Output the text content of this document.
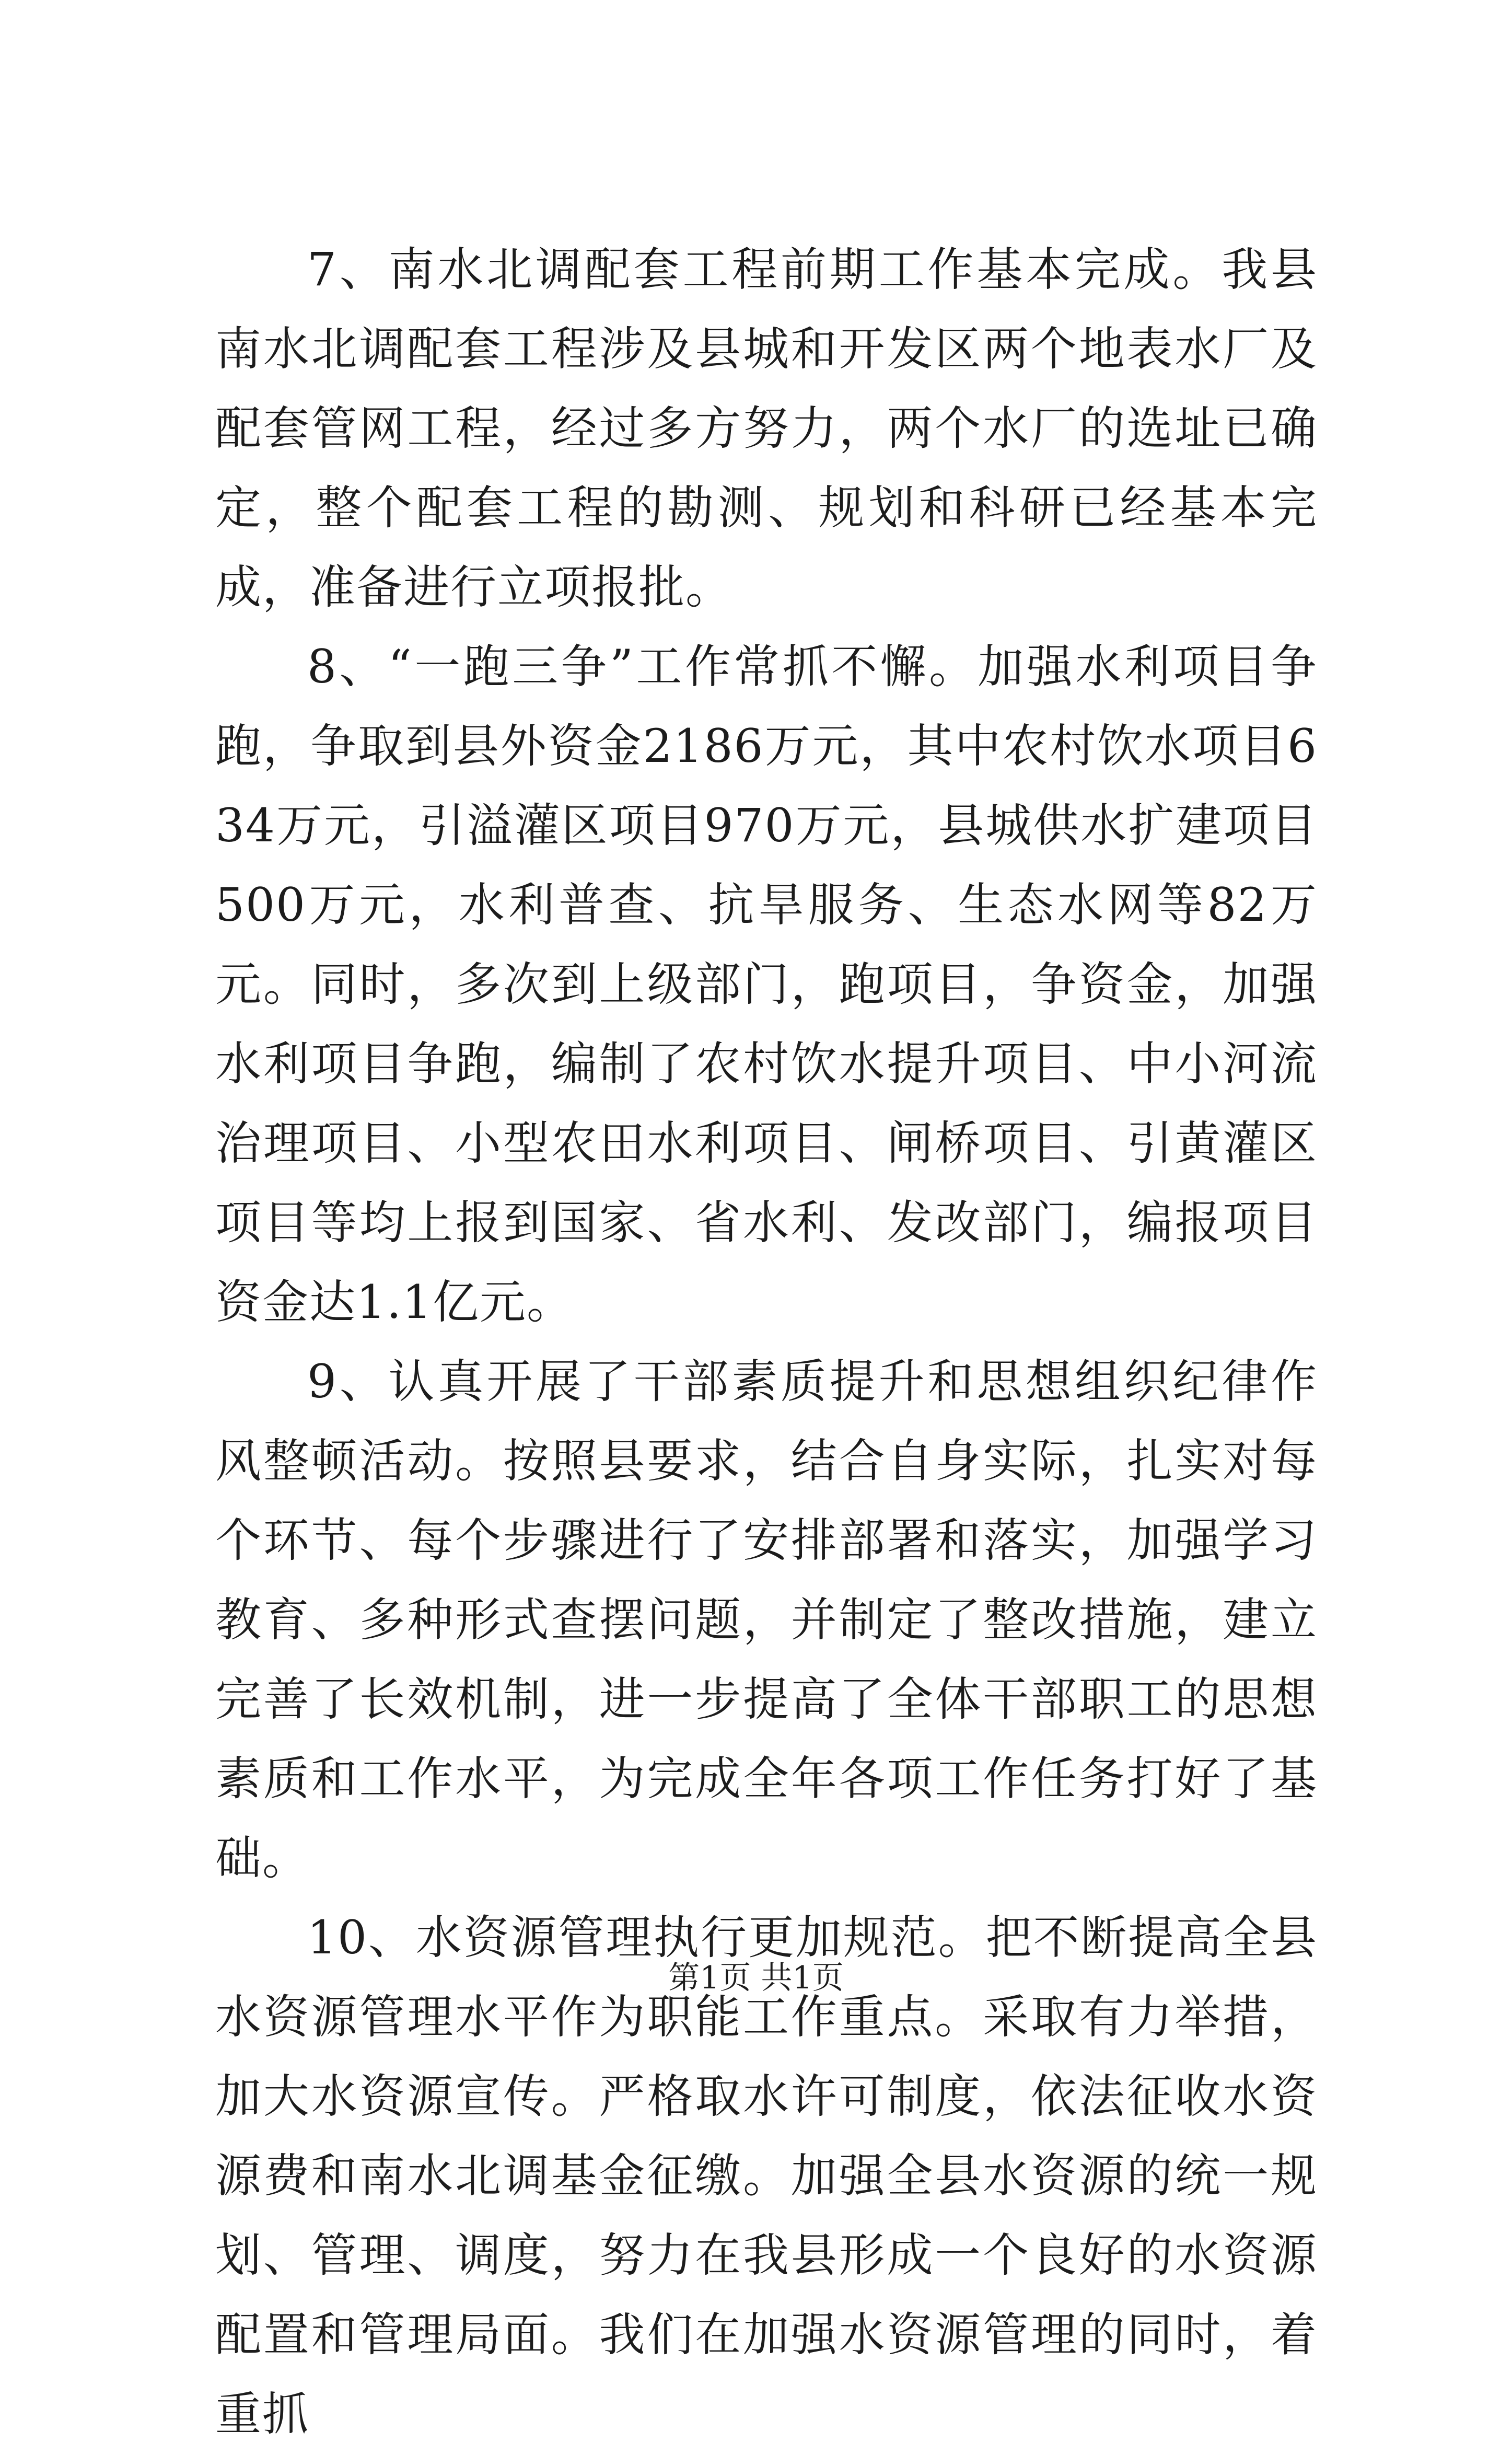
7、南水北调配套工程前期工作基本完成。我县南水北调配套工程涉及县城和开发区两个地表水厂及配套管网工程，经过多方努力，两个水厂的选址已确定，整个配套工程的勘测、规划和科研已经基本完成，准备进行立项报批。

8、“一跑三争”工作常抓不懈。加强水利项目争跑，争取到县外资金2186万元，其中农村饮水项目634万元，引溢灌区项目970万元，县城供水扩建项目500万元，水利普查、抗旱服务、生态水网等82万元。同时，多次到上级部门，跑项目，争资金，加强水利项目争跑，编制了农村饮水提升项目、中小河流治理项目、小型农田水利项目、闸桥项目、引黄灌区项目等均上报到国家、省水利、发改部门，编报项目资金达1.1亿元。

9、认真开展了干部素质提升和思想组织纪律作风整顿活动。按照县要求，结合自身实际，扎实对每个环节、每个步骤进行了安排部署和落实，加强学习教育、多种形式查摆问题，并制定了整改措施，建立完善了长效机制，进一步提高了全体干部职工的思想素质和工作水平，为完成全年各项工作任务打好了基础。

10、水资源管理执行更加规范。把不断提高全县水资源管理水平作为职能工作重点。采取有力举措，加大水资源宣传。严格取水许可制度，依法征收水资源费和南水北调基金征缴。加强全县水资源的统一规划、管理、调度，努力在我县形成一个良好的水资源配置和管理局面。我们在加强水资源管理的同时，着重抓

第1页 共1页
